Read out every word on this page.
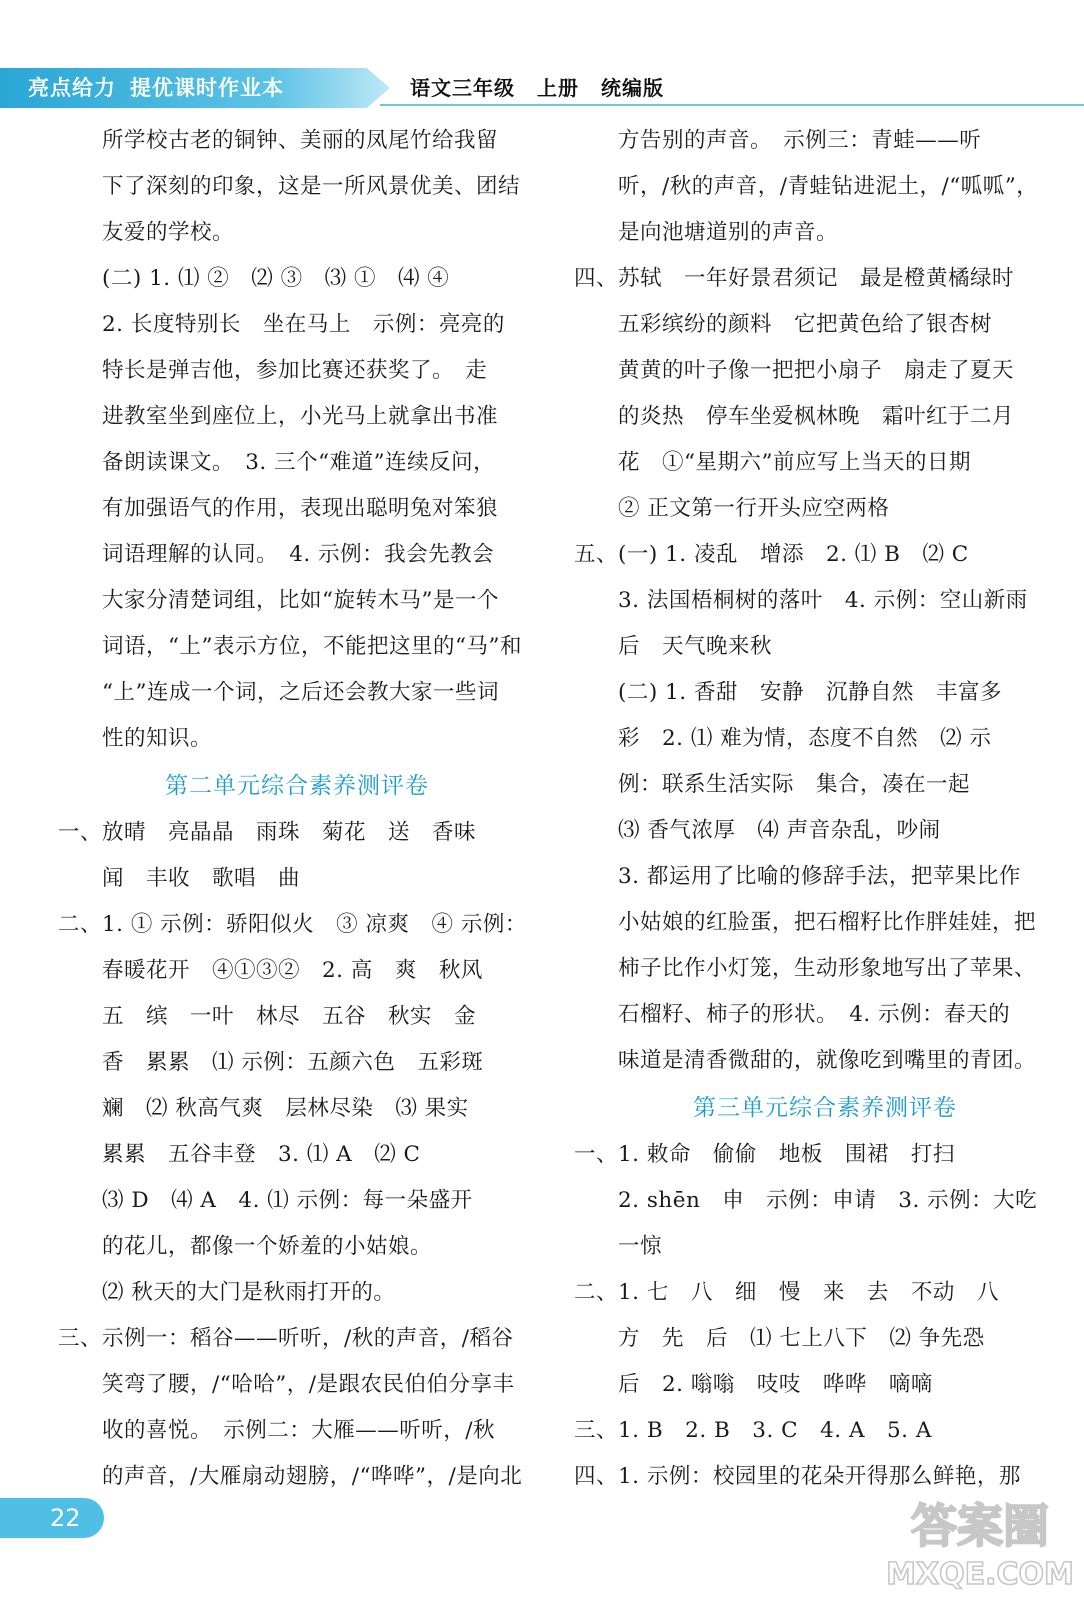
亮点给力 提优课时作业本	语文三年级 上册 统编版
所学校古老的铜钟、美丽的凤尾竹给我留
下了深刻的印象，这是一所风景优美、团结
友爱的学校。
(二) 1. ⑴ ②　⑵ ③　⑶ ①　⑷ ④
2. 长度特别长　坐在马上　示例：亮亮的
特长是弹吉他，参加比赛还获奖了。　走
进教室坐到座位上，小光马上就拿出书准
备朗读课文。　3. 三个“难道”连续反问，
有加强语气的作用，表现出聪明兔对笨狼
词语理解的认同。　4. 示例：我会先教会
大家分清楚词组，比如“旋转木马”是一个
词语，“上”表示方位，不能把这里的“马”和
“上”连成一个词，之后还会教大家一些词
性的知识。
第二单元综合素养测评卷
一、放晴　亮晶晶　雨珠　菊花　送　香味
闻　丰收　歌唱　曲
二、1. ① 示例：骄阳似火　③ 凉爽　④ 示例：
春暖花开　④①③②　2. 高　爽　秋风
五　缤　一叶　林尽　五谷　秋实　金
香　累累　⑴ 示例：五颜六色　五彩斑
斓　⑵ 秋高气爽　层林尽染　⑶ 果实
累累　五谷丰登　3. ⑴ A　⑵ C
⑶ D　⑷ A　4. ⑴ 示例：每一朵盛开
的花儿，都像一个娇羞的小姑娘。
⑵ 秋天的大门是秋雨打开的。
三、示例一：稻谷——听听，/秋的声音，/稻谷
笑弯了腰，/“哈哈”，/是跟农民伯伯分享丰
收的喜悦。　示例二：大雁——听听，/秋
的声音，/大雁扇动翅膀，/“哗哗”，/是向北
方告别的声音。　示例三：青蛙——听
听，/秋的声音，/青蛙钻进泥土，/“呱呱”，
是向池塘道别的声音。
四、苏轼　一年好景君须记　最是橙黄橘绿时
五彩缤纷的颜料　它把黄色给了银杏树
黄黄的叶子像一把把小扇子　扇走了夏天
的炎热　停车坐爱枫林晚　霜叶红于二月
花　①“星期六”前应写上当天的日期
② 正文第一行开头应空两格
五、(一) 1. 凌乱　增添　2. ⑴ B　⑵ C
3. 法国梧桐树的落叶　4. 示例：空山新雨
后　天气晚来秋
(二) 1. 香甜　安静　沉静自然　丰富多
彩　2. ⑴ 难为情，态度不自然　⑵ 示
例：联系生活实际　集合，凑在一起
⑶ 香气浓厚　⑷ 声音杂乱，吵闹
3. 都运用了比喻的修辞手法，把苹果比作
小姑娘的红脸蛋，把石榴籽比作胖娃娃，把
柿子比作小灯笼，生动形象地写出了苹果、
石榴籽、柿子的形状。　4. 示例：春天的
味道是清香微甜的，就像吃到嘴里的青团。
第三单元综合素养测评卷
一、1. 敕命　偷偷　地板　围裙　打扫
2. shēn　申　示例：申请　3. 示例：大吃
一惊
二、1. 七　八　细　慢　来　去　不动　八
方　先　后　⑴ 七上八下　⑵ 争先恐
后　2. 嗡嗡　吱吱　哗哗　嘀嘀
三、1. B　2. B　3. C　4. A　5. A
四、1. 示例：校园里的花朵开得那么鲜艳，那
22	答案圈
MXQE.COM
